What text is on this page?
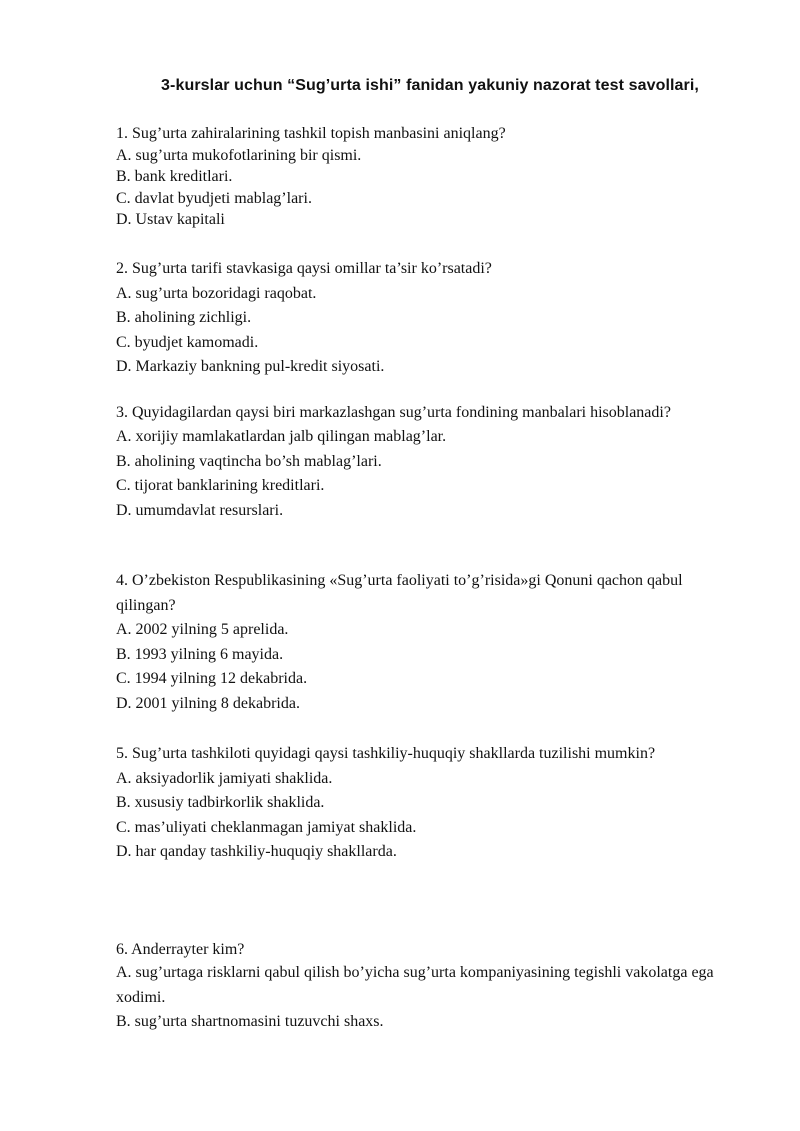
3-kurslar uchun “Sug’urta ishi” fanidan yakuniy nazorat test savollari,

1. Sug’urta zahiralarining tashkil topish manbasini aniqlang?

A. sug’urta mukofotlarining bir qismi.

B. bank kreditlari.

C. davlat byudjeti mablag’lari.

D. Ustav kapitali

2. Sug’urta tarifi stavkasiga qaysi omillar ta’sir ko’rsatadi?

A. sug’urta bozoridagi raqobat.

B. aholining zichligi.

C. byudjet kamomadi.

D. Markaziy bankning pul-kredit siyosati.

3. Quyidagilardan qaysi biri markazlashgan sug’urta fondining manbalari hisoblanadi?

A. xorijiy mamlakatlardan jalb qilingan mablag’lar.

B. aholining vaqtincha bo’sh mablag’lari.

C. tijorat banklarining kreditlari.

D. umumdavlat resurslari.

4. O’zbekiston Respublikasining «Sug’urta faoliyati to’g’risida»gi Qonuni qachon qabul qilingan?

A. 2002 yilning 5 aprelida.

B. 1993 yilning 6 mayida.

C. 1994 yilning 12 dekabrida.

D. 2001 yilning 8 dekabrida.

5. Sug’urta tashkiloti quyidagi qaysi tashkiliy-huquqiy shakllarda tuzilishi mumkin?

A. aksiyadorlik jamiyati shaklida.

B. xususiy tadbirkorlik shaklida.

C. mas’uliyati cheklanmagan jamiyat shaklida.

D. har qanday tashkiliy-huquqiy shakllarda.

6. Anderrayter kim?

A. sug’urtaga risklarni qabul qilish bo’yicha sug’urta kompaniyasining tegishli vakolatga ega xodimi.

B. sug’urta shartnomasini tuzuvchi shaxs.
